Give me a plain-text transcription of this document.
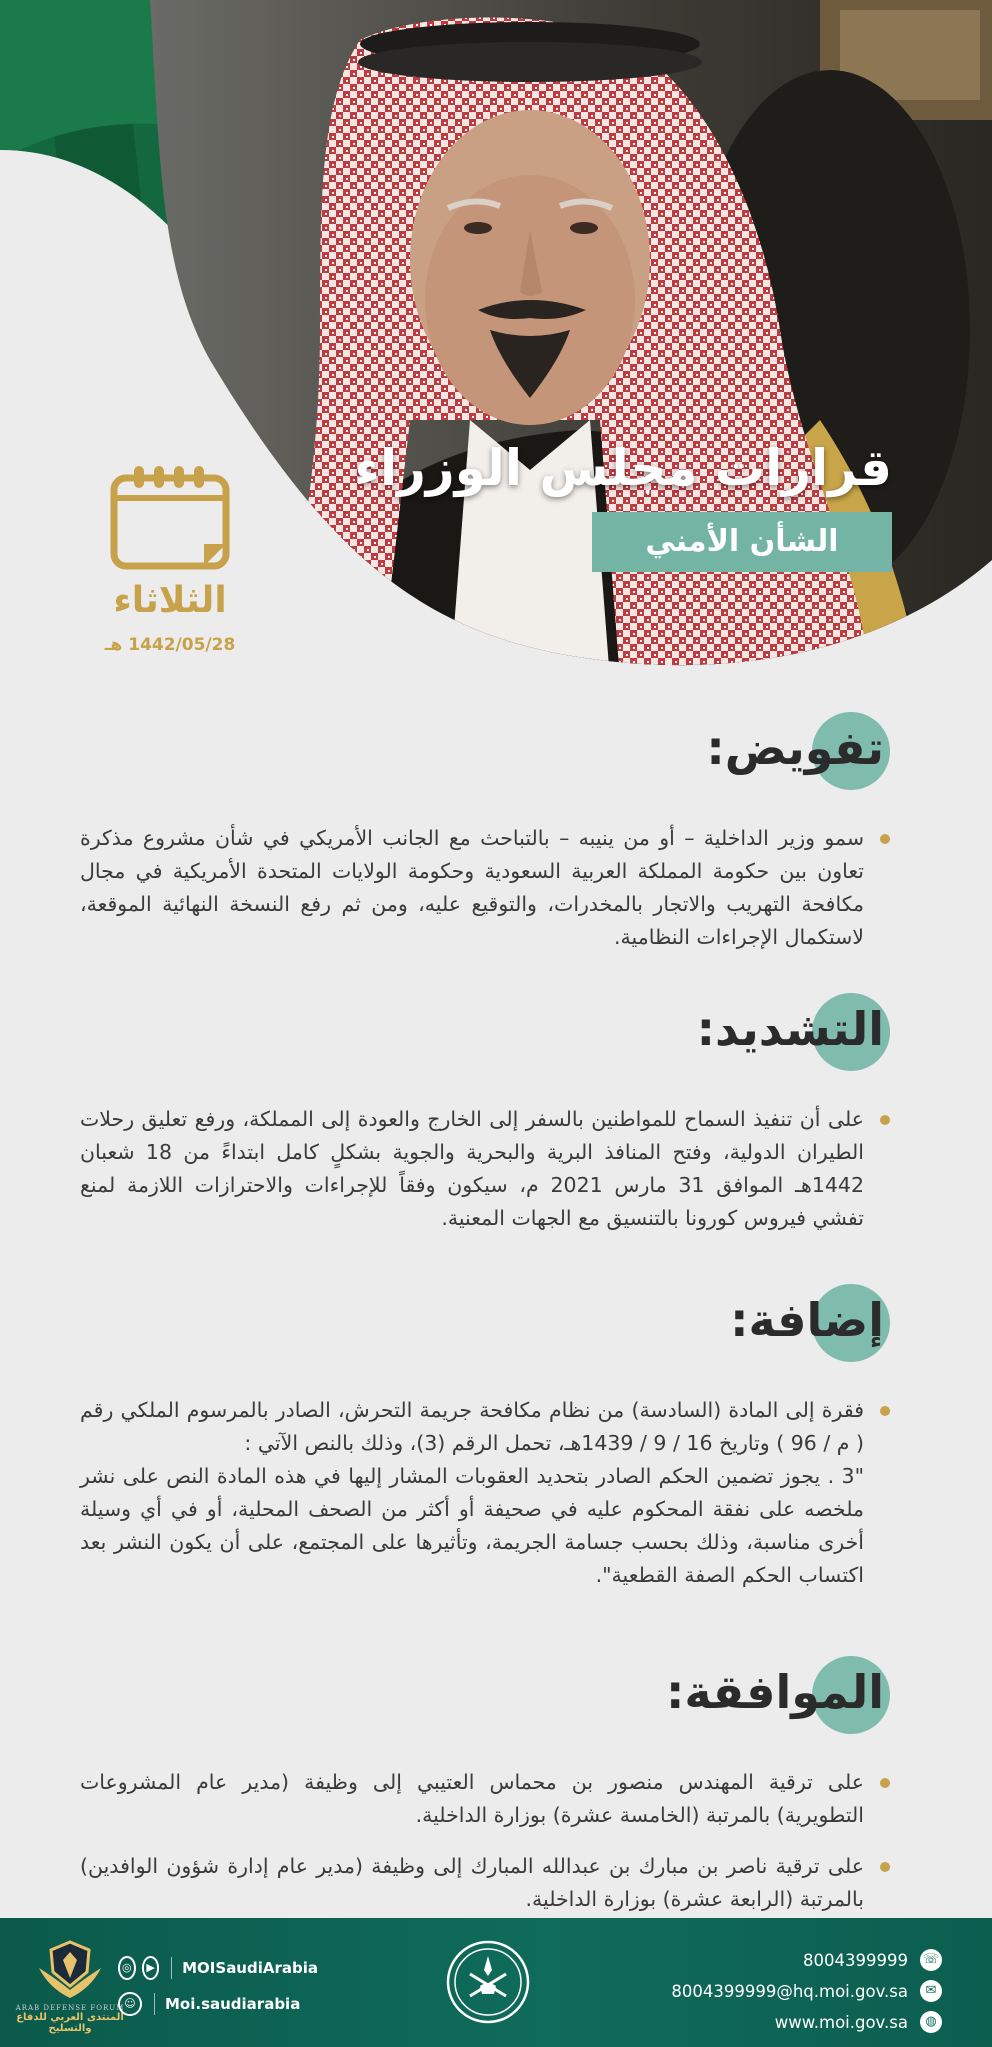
قرارات مجلس الوزراء
الشأن الأمني
الثلاثاء
1442/05/28 هـ
تفويض:
سمو وزير الداخلية – أو من ينيبه – بالتباحث مع الجانب الأمريكي في شأن مشروع مذكرة تعاون بين حكومة المملكة العربية السعودية وحكومة الولايات المتحدة الأمريكية في مجال مكافحة التهريب والاتجار بالمخدرات، والتوقيع عليه، ومن ثم رفع النسخة النهائية الموقعة، لاستكمال الإجراءات النظامية.
التشديد:
على أن تنفيذ السماح للمواطنين بالسفر إلى الخارج والعودة إلى المملكة، ورفع تعليق رحلات الطيران الدولية، وفتح المنافذ البرية والبحرية والجوية بشكلٍ كامل ابتداءً من 18 شعبان 1442هـ الموافق 31 مارس 2021 م، سيكون وفقاً للإجراءات والاحترازات اللازمة لمنع تفشي فيروس كورونا بالتنسيق مع الجهات المعنية.
إضافة:
فقرة إلى المادة (السادسة) من نظام مكافحة جريمة التحرش، الصادر بالمرسوم الملكي رقم ( م / 96 ) وتاريخ 16 / 9 / 1439هـ، تحمل الرقم (3)، وذلك بالنص الآتي :

"3 . يجوز تضمين الحكم الصادر بتحديد العقوبات المشار إليها في هذه المادة النص على نشر ملخصه على نفقة المحكوم عليه في صحيفة أو أكثر من الصحف المحلية، أو في أي وسيلة أخرى مناسبة، وذلك بحسب جسامة الجريمة، وتأثيرها على المجتمع، على أن يكون النشر بعد اكتساب الحكم الصفة القطعية".

الموافقة:
على ترقية المهندس منصور بن محماس العتيبي إلى وظيفة (مدير عام المشروعات التطويرية) بالمرتبة (الخامسة عشرة) بوزارة الداخلية.
على ترقية ناصر بن مبارك بن عبدالله المبارك إلى وظيفة (مدير عام إدارة شؤون الوافدين) بالمرتبة (الرابعة عشرة) بوزارة الداخلية.
ARAB DEFENSE FORUM
المنتدى العربي للدفاع والتسليح
◎	▶	MOISaudiArabia
☺	Moi.saudiarabia
8004399999 ☏
8004399999@hq.moi.gov.sa	✉
www.moi.gov.sa	◍
